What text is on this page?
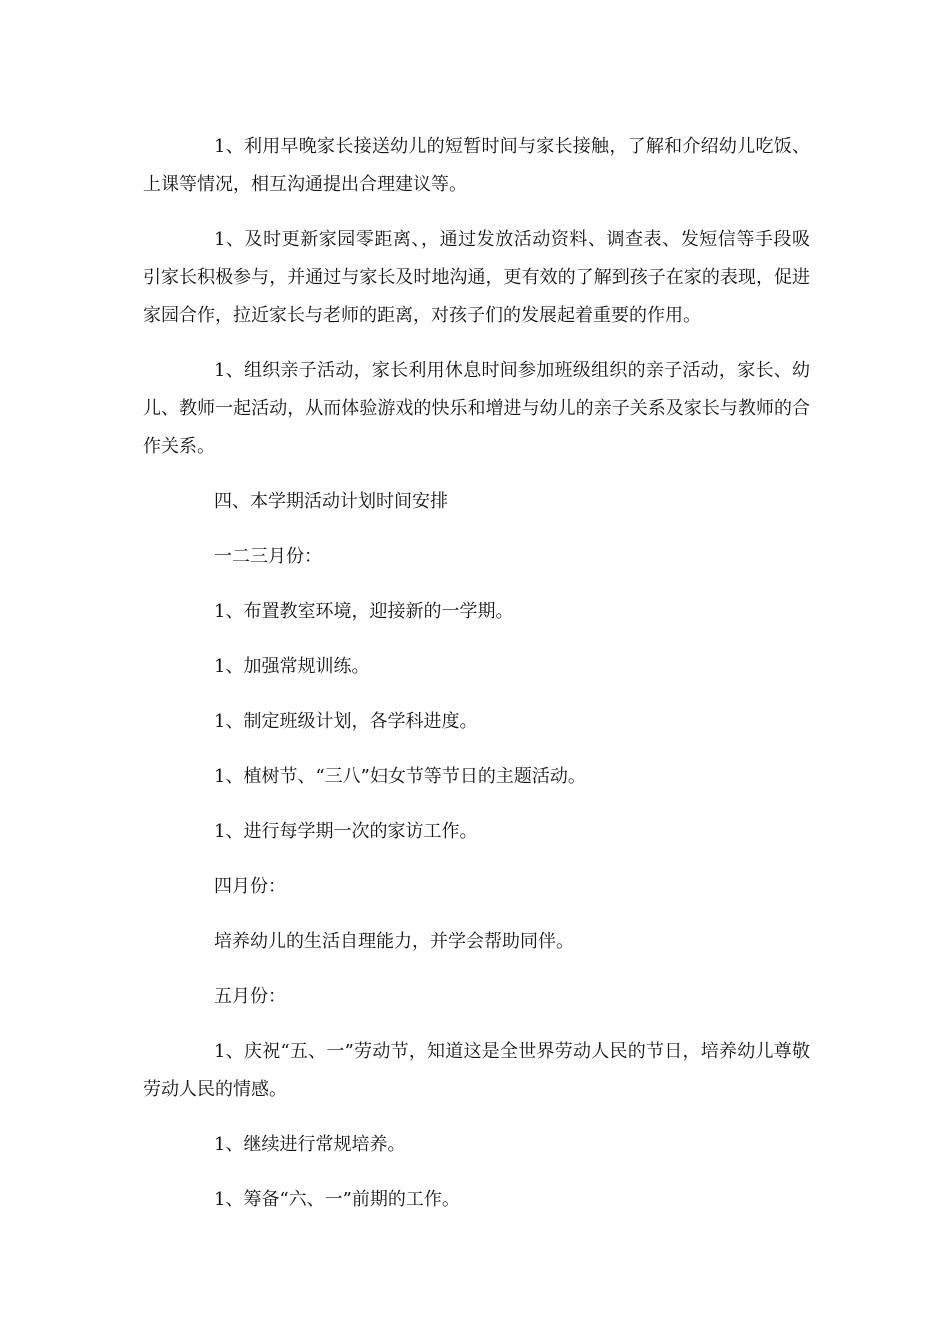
1、利用早晚家长接送幼儿的短暂时间与家长接触，了解和介绍幼儿吃饭、上课等情况，相互沟通提出合理建议等。

1、及时更新家园零距离、，通过发放活动资料、调查表、发短信等手段吸引家长积极参与，并通过与家长及时地沟通，更有效的了解到孩子在家的表现，促进家园合作，拉近家长与老师的距离，对孩子们的发展起着重要的作用。

1、组织亲子活动，家长利用休息时间参加班级组织的亲子活动，家长、幼儿、教师一起活动，从而体验游戏的快乐和增进与幼儿的亲子关系及家长与教师的合作关系。

四、本学期活动计划时间安排

一二三月份：

1、布置教室环境，迎接新的一学期。

1、加强常规训练。

1、制定班级计划，各学科进度。

1、植树节、“三八”妇女节等节日的主题活动。

1、进行每学期一次的家访工作。

四月份：

培养幼儿的生活自理能力，并学会帮助同伴。

五月份：

1、庆祝“五、一”劳动节，知道这是全世界劳动人民的节日，培养幼儿尊敬劳动人民的情感。

1、继续进行常规培养。

1、筹备“六、一”前期的工作。
